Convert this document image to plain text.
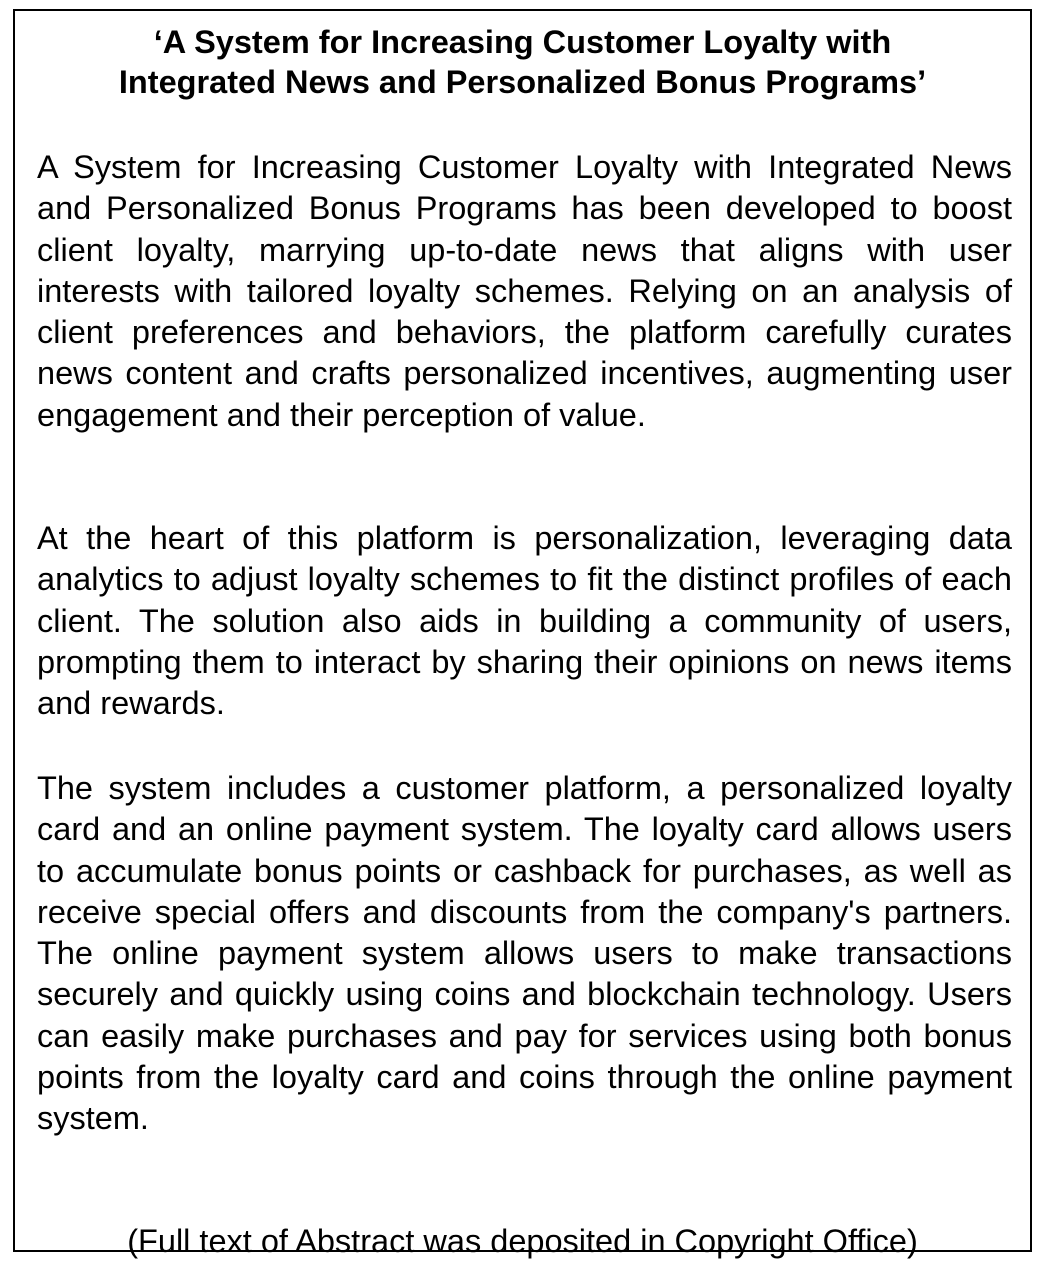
‘A System for Increasing Customer Loyalty with
Integrated News and Personalized Bonus Programs’

A System for Increasing Customer Loyalty with Integrated News and Personalized Bonus Programs has been developed to boost client loyalty, marrying up-to-date news that aligns with user interests with tailored loyalty schemes. Relying on an analysis of client preferences and behaviors, the platform carefully curates news content and crafts personalized incentives, augmenting user engagement and their perception of value.

At the heart of this platform is personalization, leveraging data analytics to adjust loyalty schemes to fit the distinct profiles of each client. The solution also aids in building a community of users, prompting them to interact by sharing their opinions on news items and rewards.

The system includes a customer platform, a personalized loyalty card and an online payment system. The loyalty card allows users to accumulate bonus points or cashback for purchases, as well as receive special offers and discounts from the company's partners. The online payment system allows users to make transactions securely and quickly using coins and blockchain technology. Users can easily make purchases and pay for services using both bonus points from the loyalty card and coins through the online payment system.

(Full text of Abstract was deposited in Copyright Office)
